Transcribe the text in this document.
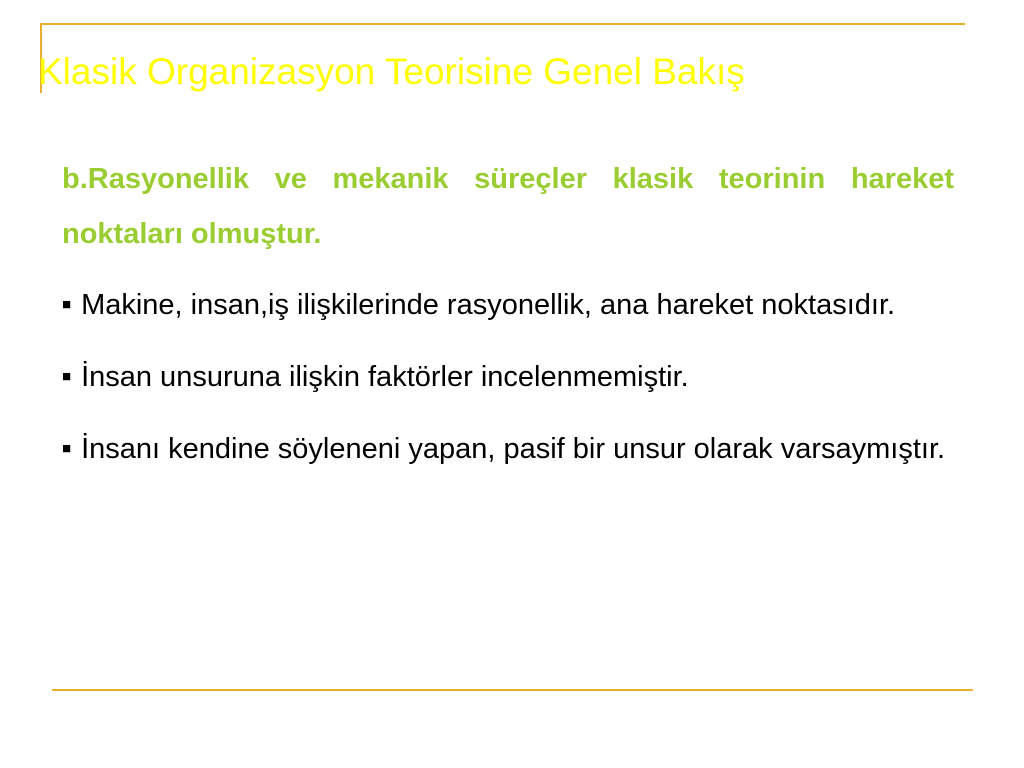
Klasik Organizasyon Teorisine Genel Bakış

b.Rasyonellik ve mekanik süreçler klasik teorinin hareket noktaları olmuştur.

■ Makine, insan,iş ilişkilerinde rasyonellik, ana hareket noktasıdır.

■ İnsan unsuruna ilişkin faktörler incelenmemiştir.

■ İnsanı kendine söyleneni yapan, pasif bir unsur olarak varsaymıştır.
